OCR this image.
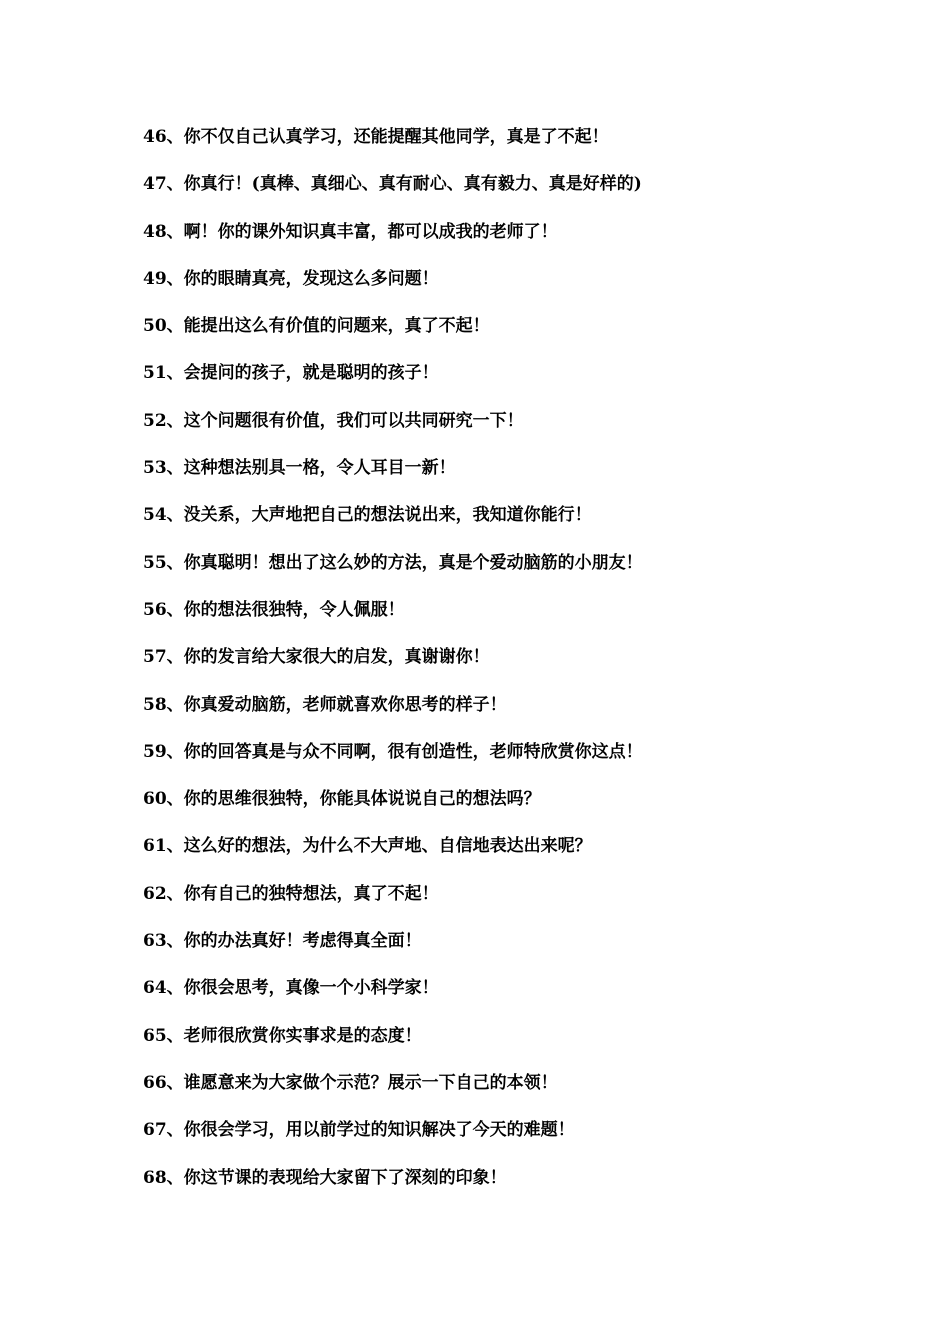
46、你不仅自己认真学习，还能提醒其他同学，真是了不起！
47、你真行！(真棒、真细心、真有耐心、真有毅力、真是好样的)
48、啊！你的课外知识真丰富，都可以成我的老师了！
49、你的眼睛真亮，发现这么多问题！
50、能提出这么有价值的问题来，真了不起！
51、会提问的孩子，就是聪明的孩子！
52、这个问题很有价值，我们可以共同研究一下！
53、这种想法别具一格，令人耳目一新！
54、没关系，大声地把自己的想法说出来，我知道你能行！
55、你真聪明！想出了这么妙的方法，真是个爱动脑筋的小朋友！
56、你的想法很独特，令人佩服！
57、你的发言给大家很大的启发，真谢谢你！
58、你真爱动脑筋，老师就喜欢你思考的样子！
59、你的回答真是与众不同啊，很有创造性，老师特欣赏你这点！
60、你的思维很独特，你能具体说说自己的想法吗？
61、这么好的想法，为什么不大声地、自信地表达出来呢？
62、你有自己的独特想法，真了不起！
63、你的办法真好！考虑得真全面！
64、你很会思考，真像一个小科学家！
65、老师很欣赏你实事求是的态度！
66、谁愿意来为大家做个示范？展示一下自己的本领！
67、你很会学习，用以前学过的知识解决了今天的难题！
68、你这节课的表现给大家留下了深刻的印象！
